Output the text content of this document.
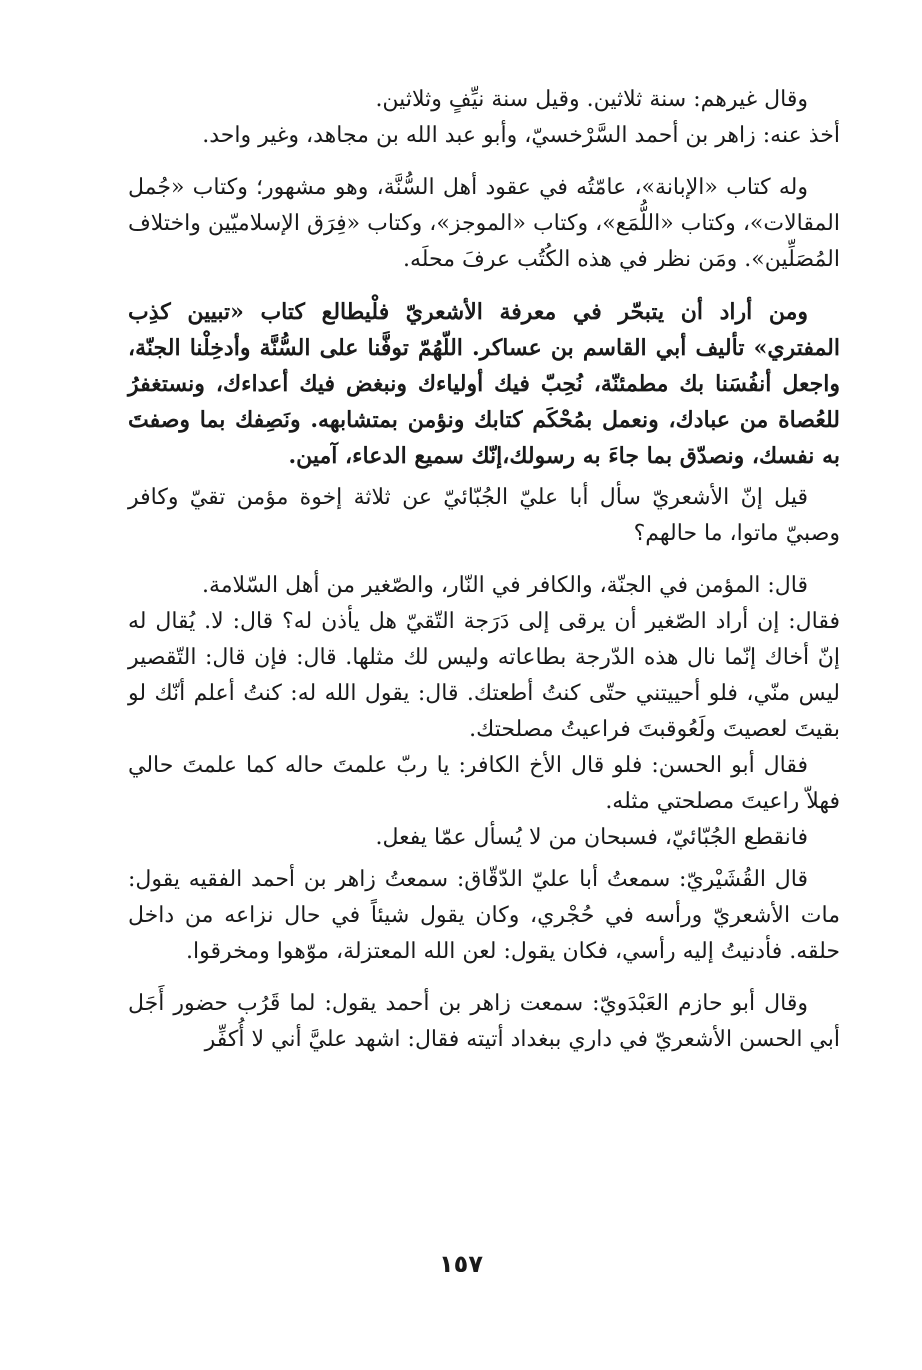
وقال غيرهم: سنة ثلاثين. وقيل سنة نيِّفٍ وثلاثين.

أخذ عنه: زاهر بن أحمد السَّرْخسيّ، وأبو عبد الله بن مجاهد، وغير واحد.

وله كتاب «الإبانة»، عامّتُه في عقود أهل السُّنَّة، وهو مشهور؛ وكتاب «جُمل المقالات»، وكتاب «اللُّمَع»، وكتاب «الموجز»، وكتاب «فِرَق الإسلاميّين واختلاف المُصَلِّين». ومَن نظر في هذه الكُتُب عرفَ محلَه.

ومن أراد أن يتبحّر في معرفة الأشعريّ فلْيطالع كتاب «تبيين كذِب المفتري» تأليف أبي القاسم بن عساكر. اللّهُمّ توفَّنا على السُّنَّة وأدخِلْنا الجنّة، واجعل أنفُسَنا بك مطمئنّة، نُحِبّ فيك أولياءك ونبغض فيك أعداءك، ونستغفرُ للعُصاة من عبادك، ونعمل بمُحْكَم كتابك ونؤمن بمتشابهه. ونَصِفك بما وصفتَ به نفسك، ونصدّق بما جاءَ به رسولك،إنّك سميع الدعاء، آمين.

قيل إنّ الأشعريّ سأل أبا عليّ الجُبّائيّ عن ثلاثة إخوة مؤمن تقيّ وكافر وصبيّ ماتوا، ما حالهم؟

قال: المؤمن في الجنّة، والكافر في النّار، والصّغير من أهل السّلامة.

فقال: إن أراد الصّغير أن يرقى إلى دَرَجة التّقيّ هل يأذن له؟ قال: لا. يُقال له إنّ أخاك إنّما نال هذه الدّرجة بطاعاته وليس لك مثلها. قال: فإن قال: التّقصير ليس منّي، فلو أحييتني حتّى كنتُ أطعتك. قال: يقول الله له: كنتُ أعلم أنّك لو بقيتَ لعصيتَ ولَعُوقبتَ فراعيتُ مصلحتك.

فقال أبو الحسن: فلو قال الأخ الكافر: يا ربّ علمتَ حاله كما علمتَ حالي فهلاّ راعيتَ مصلحتي مثله.

فانقطع الجُبّائيّ، فسبحان من لا يُسأل عمّا يفعل.

قال القُشَيْريّ: سمعتُ أبا عليّ الدّقّاق: سمعتُ زاهر بن أحمد الفقيه يقول: مات الأشعريّ ورأسه في حُجْري، وكان يقول شيئاً في حال نزاعه من داخل حلقه. فأدنيتُ إليه رأسي، فكان يقول: لعن الله المعتزلة، موّهوا ومخرقوا.

وقال أبو حازم العَبْدَويّ: سمعت زاهر بن أحمد يقول: لما قَرُب حضور أَجَل أبي الحسن الأشعريّ في داري ببغداد أتيته فقال: اشهد عليَّ أني لا أُكفِّر

١٥٧
